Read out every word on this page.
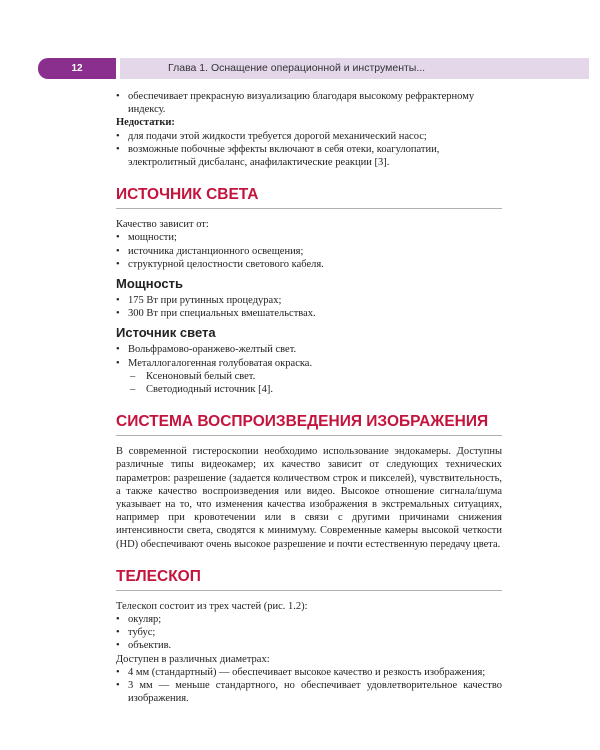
12	Глава 1. Оснащение операционной и инструменты...
• обеспечивает прекрасную визуализацию благодаря высокому рефрактерному индексу.

Недостатки:

• для подачи этой жидкости требуется дорогой механический насос;
• возможные побочные эффекты включают в себя отеки, коагулопатии, электролитный дисбаланс, анафилактические реакции [3].
ИСТОЧНИК СВЕТА

Качество зависит от:

• мощности;
• источника дистанционного освещения;
• структурной целостности светового кабеля.
Мощность
• 175 Вт при рутинных процедурах;
• 300 Вт при специальных вмешательствах.
Источник света
• Вольфрамово-оранжево-желтый свет.
• Металлогалогенная голубоватая окраска.
– Ксеноновый белый свет.
– Светодиодный источник [4].
СИСТЕМА ВОСПРОИЗВЕДЕНИЯ ИЗОБРАЖЕНИЯ

В современной гистероскопии необходимо использование эндокамеры. Доступны различные типы видеокамер; их качество зависит от следующих технических параметров: разрешение (задается количеством строк и пикселей), чувствительность, а также качество воспроизведения или видео. Высокое отношение сигнала/шума указывает на то, что изменения качества изображения в экстремальных ситуациях, например при кровотечении или в связи с другими причинами снижения интенсивности света, сводятся к минимуму. Современные камеры высокой четкости (HD) обеспечивают очень высокое разрешение и почти естественную передачу цвета.

ТЕЛЕСКОП

Телескоп состоит из трех частей (рис. 1.2):

• окуляр;
• тубус;
• объектив.

Доступен в различных диаметрах:

• 4 мм (стандартный) — обеспечивает высокое качество и резкость изображения;
• 3 мм — меньше стандартного, но обеспечивает удовлетворительное качество изображения.
